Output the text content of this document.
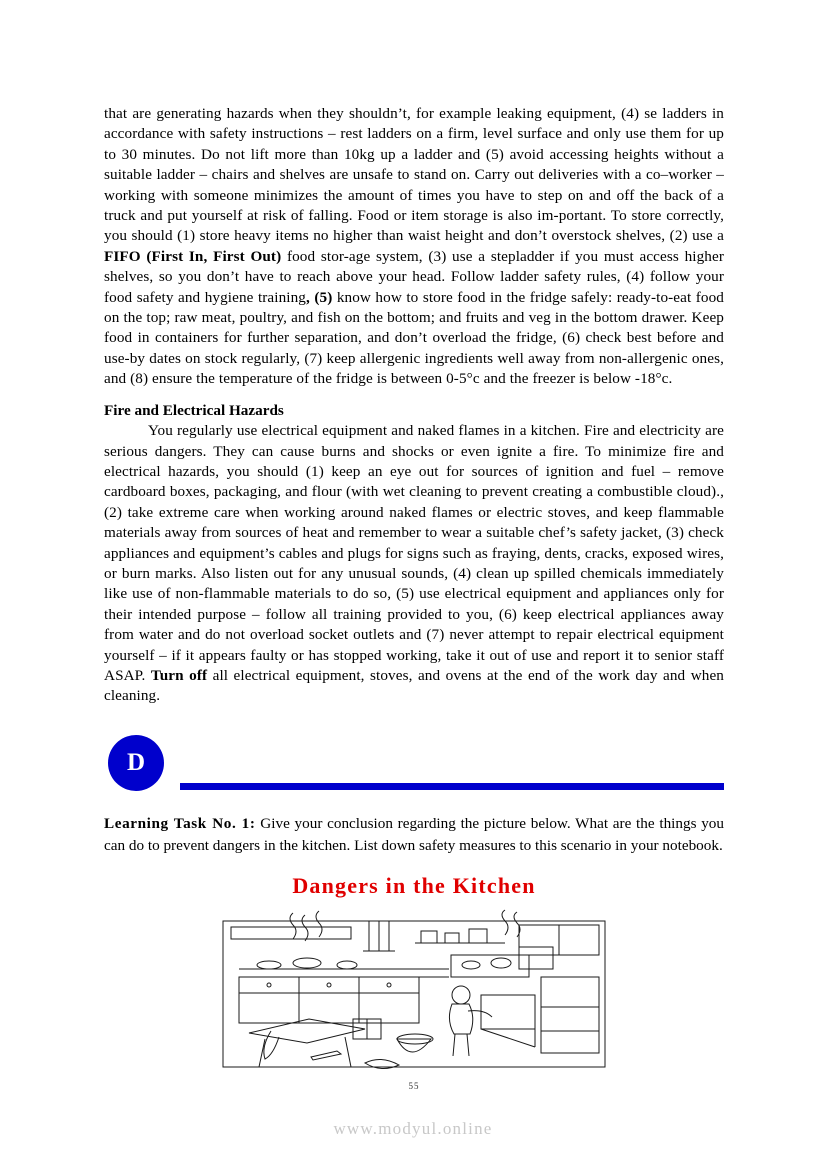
that are generating hazards when they shouldn’t, for example leaking equipment, (4) se ladders in accordance with safety instructions – rest ladders on a firm, level surface and only use them for up to 30 minutes. Do not lift more than 10kg up a ladder and (5) avoid accessing heights without a suitable ladder – chairs and shelves are unsafe to stand on. Carry out deliveries with a co–worker – working with someone minimizes the amount of times you have to step on and off the back of a truck and put yourself at risk of falling. Food or item storage is also im-portant. To store correctly, you should (1) store heavy items no higher than waist height and don’t overstock shelves, (2) use a FIFO (First In, First Out) food stor-age system, (3) use a stepladder if you must access higher shelves, so you don’t have to reach above your head. Follow ladder safety rules, (4) follow your food safety and hygiene training, (5) know how to store food in the fridge safely: ready-to-eat food on the top; raw meat, poultry, and fish on the bottom; and fruits and veg in the bottom drawer. Keep food in containers for further separation, and don’t overload the fridge, (6) check best before and use-by dates on stock regularly, (7) keep allergenic ingredients well away from non-allergenic ones, and (8) ensure the temperature of the fridge is between 0-5°c and the freezer is below -18°c.

Fire and Electrical Hazards

You regularly use electrical equipment and naked flames in a kitchen. Fire and electricity are serious dangers. They can cause burns and shocks or even ignite a fire. To minimize fire and electrical hazards, you should (1) keep an eye out for sources of ignition and fuel – remove cardboard boxes, packaging, and flour (with wet cleaning to prevent creating a combustible cloud)., (2) take extreme care when working around naked flames or electric stoves, and keep flammable materials away from sources of heat and remember to wear a suitable chef’s safety jacket, (3) check appliances and equipment’s cables and plugs for signs such as fraying, dents, cracks, exposed wires, or burn marks. Also listen out for any unusual sounds, (4) clean up spilled chemicals immediately like use of non-flammable materials to do so, (5) use electrical equipment and appliances only for their intended purpose – follow all training provided to you, (6) keep electrical appliances away from water and do not overload socket outlets and (7) never attempt to repair electrical equipment yourself – if it appears faulty or has stopped working, take it out of use and report it to senior staff ASAP. Turn off all electrical equipment, stoves, and ovens at the end of the work day and when cleaning.

D

Learning Task No. 1: Give your conclusion regarding the picture below. What are the things you can do to prevent dangers in the kitchen. List down safety measures to this scenario in your notebook.

Dangers in the Kitchen

55
www.modyul.online
